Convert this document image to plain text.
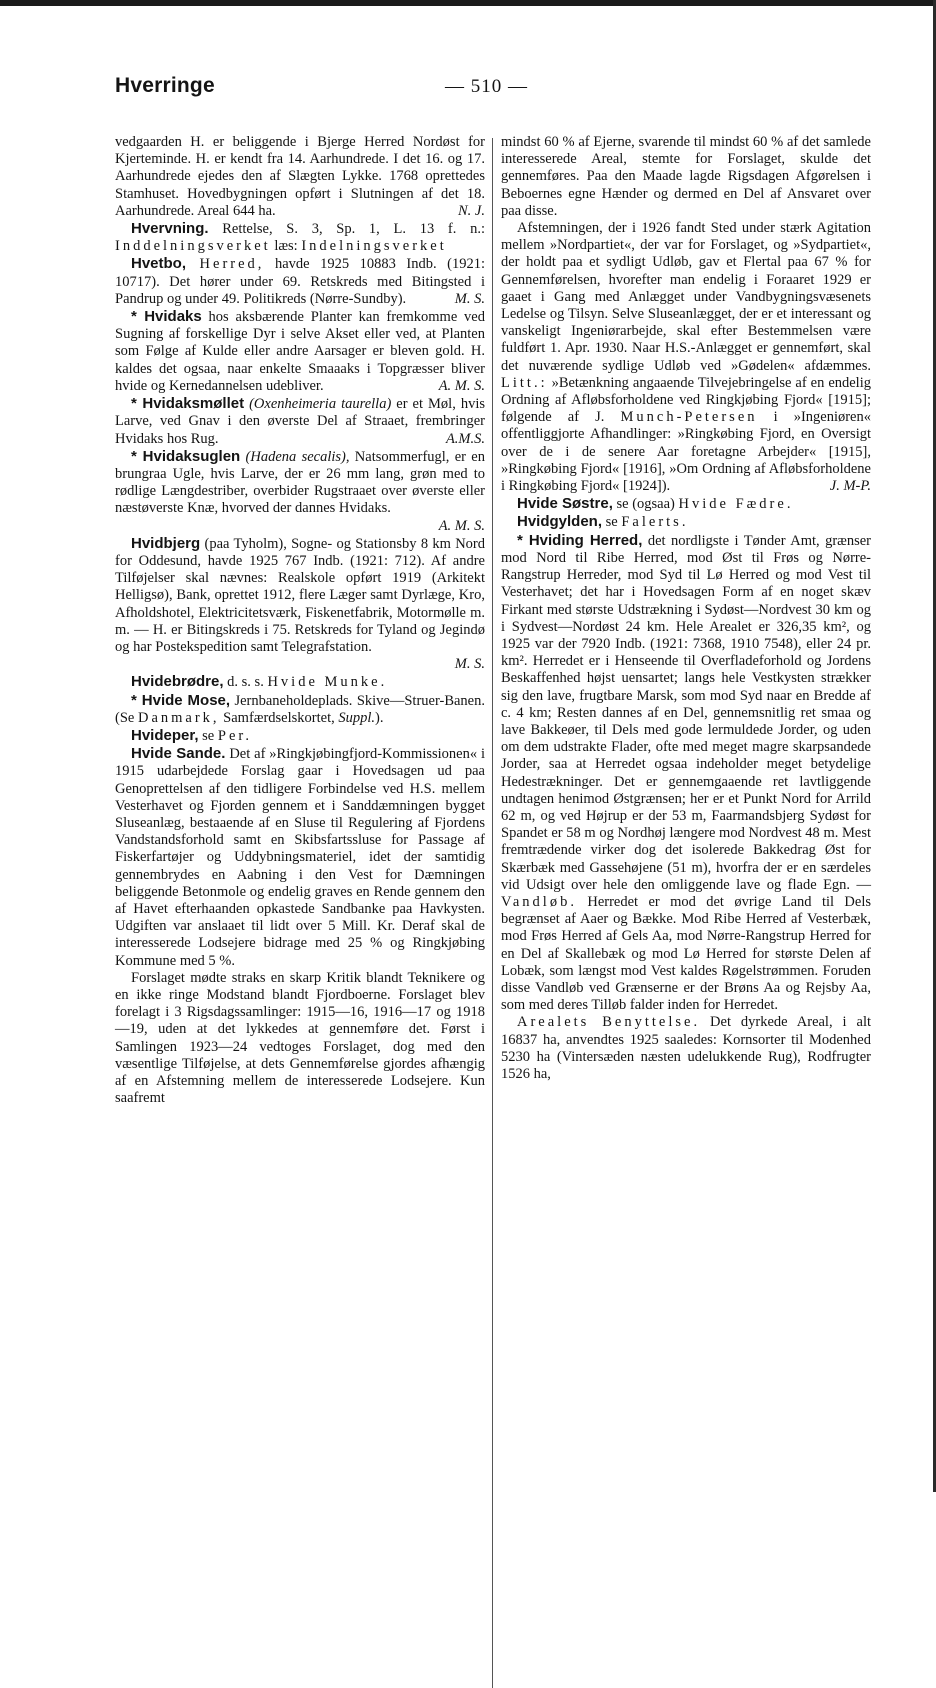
Hverringe	— 510 —

vedgaarden H. er beliggende i Bjerge Herred Nordøst for Kjerteminde. H. er kendt fra 14. Aarhundrede. I det 16. og 17. Aarhundrede ejedes den af Slægten Lykke. 1768 oprettedes Stamhuset. Hovedbygningen opført i Slutningen af det 18. Aarhundrede. Areal 644 ha.	N. J.

Hvervning. Rettelse, S. 3, Sp. 1, L. 13 f. n.: Inddelningsverket læs: Indelningsverket

Hvetbo, Herred, havde 1925 10883 Indb. (1921: 10717). Det hører under 69. Retskreds med Bitingsted i Pandrup og under 49. Politikreds (Nørre-Sundby).	M. S.

* Hvidaks hos aksbærende Planter kan fremkomme ved Sugning af forskellige Dyr i selve Akset eller ved, at Planten som Følge af Kulde eller andre Aarsager er bleven gold. H. kaldes det ogsaa, naar enkelte Smaaaks i Topgræsser bliver hvide og Kernedannelsen udebliver.	A. M. S.

* Hvidaksmøllet (Oxenheimeria taurella) er et Møl, hvis Larve, ved Gnav i den øverste Del af Straaet, frembringer Hvidaks hos Rug.	A.M.S.

* Hvidaksuglen (Hadena secalis), Natsommerfugl, er en brungraa Ugle, hvis Larve, der er 26 mm lang, grøn med to rødlige Længdestriber, overbider Rugstraaet over øverste eller næstøverste Knæ, hvorved der dannes Hvidaks.
A. M. S.

Hvidbjerg (paa Tyholm), Sogne- og Stationsby 8 km Nord for Oddesund, havde 1925 767 Indb. (1921: 712). Af andre Tilføjelser skal nævnes: Realskole opført 1919 (Arkitekt Helligsø), Bank, oprettet 1912, flere Læger samt Dyrlæge, Kro, Afholdshotel, Elektricitetsværk, Fiskenetfabrik, Motormølle m. m. — H. er Bitingskreds i 75. Retskreds for Tyland og Jegindø og har Postekspedition samt Telegrafstation.
M. S.

Hvidebrødre, d. s. s. Hvide Munke.

* Hvide Mose, Jernbaneholdeplads. Skive—Struer-Banen. (Se Danmark, Samfærdselskortet, Suppl.).

Hvideper, se Per.

Hvide Sande. Det af »Ringkjøbingfjord-Kommissionen« i 1915 udarbejdede Forslag gaar i Hovedsagen ud paa Genoprettelsen af den tidligere Forbindelse ved H.S. mellem Vesterhavet og Fjorden gennem et i Sanddæmningen bygget Sluseanlæg, bestaaende af en Sluse til Regulering af Fjordens Vandstandsforhold samt en Skibsfartssluse for Passage af Fiskerfartøjer og Uddybningsmateriel, idet der samtidig gennembrydes en Aabning i den Vest for Dæmningen beliggende Betonmole og endelig graves en Rende gennem den af Havet efterhaanden opkastede Sandbanke paa Havkysten. Udgiften var anslaaet til lidt over 5 Mill. Kr. Deraf skal de interesserede Lodsejere bidrage med 25 % og Ringkjøbing Kommune med 5 %.

Forslaget mødte straks en skarp Kritik blandt Teknikere og en ikke ringe Modstand blandt Fjordboerne. Forslaget blev forelagt i 3 Rigsdagssamlinger: 1915—16, 1916—17 og 1918—19, uden at det lykkedes at gennemføre det. Først i Samlingen 1923—24 vedtoges Forslaget, dog med den væsentlige Tilføjelse, at dets Gennemførelse gjordes afhængig af en Afstemning mellem de interesserede Lodsejere. Kun saafremt

mindst 60 % af Ejerne, svarende til mindst 60 % af det samlede interesserede Areal, stemte for Forslaget, skulde det gennemføres. Paa den Maade lagde Rigsdagen Afgørelsen i Beboernes egne Hænder og dermed en Del af Ansvaret over paa disse.

Afstemningen, der i 1926 fandt Sted under stærk Agitation mellem »Nordpartiet«, der var for Forslaget, og »Sydpartiet«, der holdt paa et sydligt Udløb, gav et Flertal paa 67 % for Gennemførelsen, hvorefter man endelig i Foraaret 1929 er gaaet i Gang med Anlægget under Vandbygningsvæsenets Ledelse og Tilsyn. Selve Sluseanlægget, der er et interessant og vanskeligt Ingeniørarbejde, skal efter Bestemmelsen være fuldført 1. Apr. 1930. Naar H.S.-Anlægget er gennemført, skal det nuværende sydlige Udløb ved »Gødelen« afdæmmes. Litt.: »Betænkning angaaende Tilvejebringelse af en endelig Ordning af Afløbsforholdene ved Ringkjøbing Fjord« [1915]; følgende af J. Munch-Petersen i »Ingeniøren« offentliggjorte Afhandlinger: »Ringkøbing Fjord, en Oversigt over de i de senere Aar foretagne Arbejder« [1915], »Ringkøbing Fjord« [1916], »Om Ordning af Afløbsforholdene i Ringkøbing Fjord« [1924]).	J. M-P.

Hvide Søstre, se (ogsaa) Hvide Fædre.

Hvidgylden, se Falerts.

* Hviding Herred, det nordligste i Tønder Amt, grænser mod Nord til Ribe Herred, mod Øst til Frøs og Nørre-Rangstrup Herreder, mod Syd til Lø Herred og mod Vest til Vesterhavet; det har i Hovedsagen Form af en noget skæv Firkant med største Udstrækning i Sydøst—Nordvest 30 km og i Sydvest—Nordøst 24 km. Hele Arealet er 326,35 km², og 1925 var der 7920 Indb. (1921: 7368, 1910 7548), eller 24 pr. km². Herredet er i Henseende til Overfladeforhold og Jordens Beskaffenhed højst uensartet; langs hele Vestkysten strækker sig den lave, frugtbare Marsk, som mod Syd naar en Bredde af c. 4 km; Resten dannes af en Del, gennemsnitlig ret smaa og lave Bakkeøer, til Dels med gode lermuldede Jorder, og uden om dem udstrakte Flader, ofte med meget magre skarpsandede Jorder, saa at Herredet ogsaa indeholder meget betydelige Hedestrækninger. Det er gennemgaaende ret lavtliggende undtagen henimod Østgrænsen; her er et Punkt Nord for Arrild 62 m, og ved Højrup er der 53 m, Faarmandsbjerg Sydøst for Spandet er 58 m og Nordhøj længere mod Nordvest 48 m. Mest fremtrædende virker dog det isolerede Bakkedrag Øst for Skærbæk med Gassehøjene (51 m), hvorfra der er en særdeles vid Udsigt over hele den omliggende lave og flade Egn. — Vandløb. Herredet er mod det øvrige Land til Dels begrænset af Aaer og Bække. Mod Ribe Herred af Vesterbæk, mod Frøs Herred af Gels Aa, mod Nørre-Rangstrup Herred for en Del af Skallebæk og mod Lø Herred for største Delen af Lobæk, som længst mod Vest kaldes Røgelstrømmen. Foruden disse Vandløb ved Grænserne er der Brøns Aa og Rejsby Aa, som med deres Tilløb falder inden for Herredet.

Arealets Benyttelse. Det dyrkede Areal, i alt 16837 ha, anvendtes 1925 saaledes: Kornsorter til Modenhed 5230 ha (Vintersæden næsten udelukkende Rug), Rodfrugter 1526 ha,
